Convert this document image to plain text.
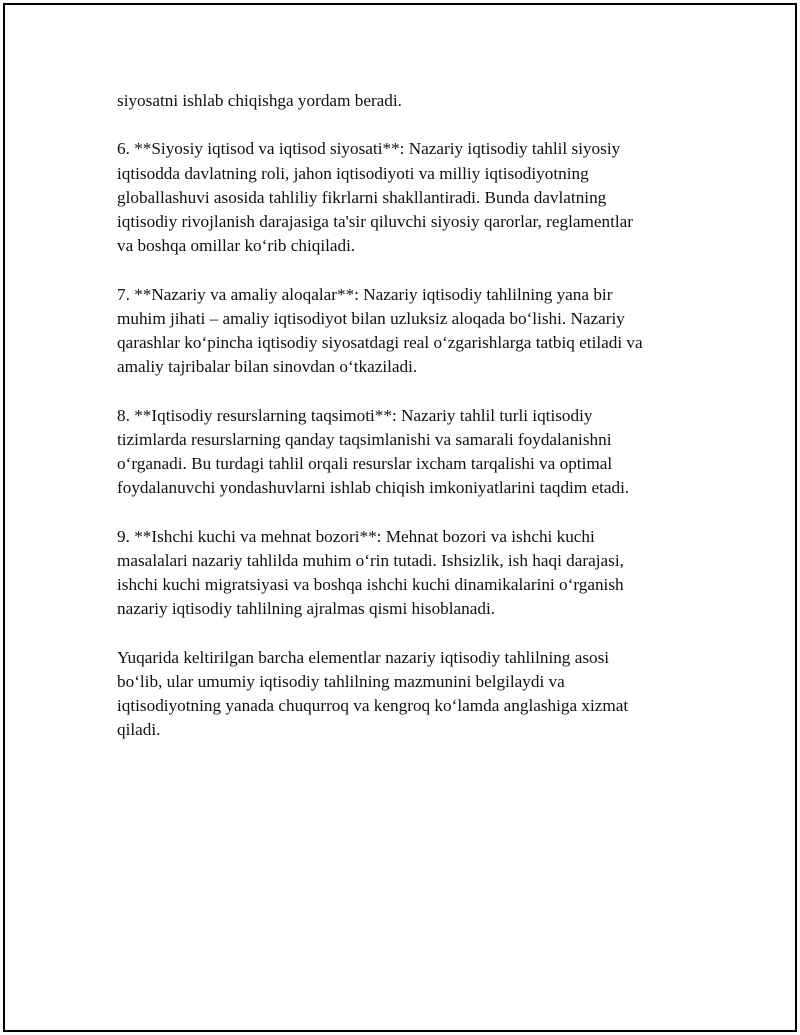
siyosatni ishlab chiqishga yordam beradi.

6. **Siyosiy iqtisod va iqtisod siyosati**: Nazariy iqtisodiy tahlil siyosiy
iqtisodda davlatning roli, jahon iqtisodiyoti va milliy iqtisodiyotning
globallashuvi asosida tahliliy fikrlarni shakllantiradi. Bunda davlatning
iqtisodiy rivojlanish darajasiga ta'sir qiluvchi siyosiy qarorlar, reglamentlar
va boshqa omillar ko‘rib chiqiladi.

7. **Nazariy va amaliy aloqalar**: Nazariy iqtisodiy tahlilning yana bir
muhim jihati – amaliy iqtisodiyot bilan uzluksiz aloqada bo‘lishi. Nazariy
qarashlar ko‘pincha iqtisodiy siyosatdagi real o‘zgarishlarga tatbiq etiladi va
amaliy tajribalar bilan sinovdan o‘tkaziladi.

8. **Iqtisodiy resurslarning taqsimoti**: Nazariy tahlil turli iqtisodiy
tizimlarda resurslarning qanday taqsimlanishi va samarali foydalanishni
o‘rganadi. Bu turdagi tahlil orqali resurslar ixcham tarqalishi va optimal
foydalanuvchi yondashuvlarni ishlab chiqish imkoniyatlarini taqdim etadi.

9. **Ishchi kuchi va mehnat bozori**: Mehnat bozori va ishchi kuchi
masalalari nazariy tahlilda muhim o‘rin tutadi. Ishsizlik, ish haqi darajasi,
ishchi kuchi migratsiyasi va boshqa ishchi kuchi dinamikalarini o‘rganish
nazariy iqtisodiy tahlilning ajralmas qismi hisoblanadi.

Yuqarida keltirilgan barcha elementlar nazariy iqtisodiy tahlilning asosi
bo‘lib, ular umumiy iqtisodiy tahlilning mazmunini belgilaydi va
iqtisodiyotning yanada chuqurroq va kengroq ko‘lamda anglashiga xizmat
qiladi.
